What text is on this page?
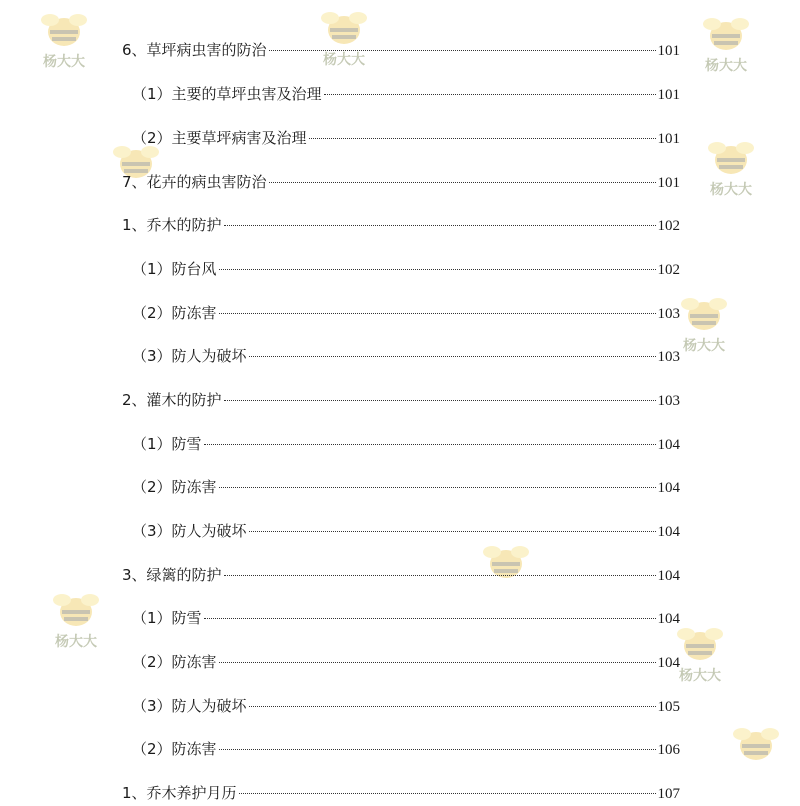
杨大大	杨大大	杨大大
杨大大
杨大大
杨大大
杨大大
6、草坪病虫害的防治	101
（1）主要的草坪虫害及治理	101
（2）主要草坪病害及治理	101
7、花卉的病虫害防治	101
1、乔木的防护	102
（1）防台风	102
（2）防冻害	103
（3）防人为破坏	103
2、灌木的防护	103
（1）防雪	104
（2）防冻害	104
（3）防人为破坏	104
3、绿篱的防护	104
（1）防雪	104
（2）防冻害	104
（3）防人为破坏	105
（2）防冻害	106
1、乔木养护月历	107
